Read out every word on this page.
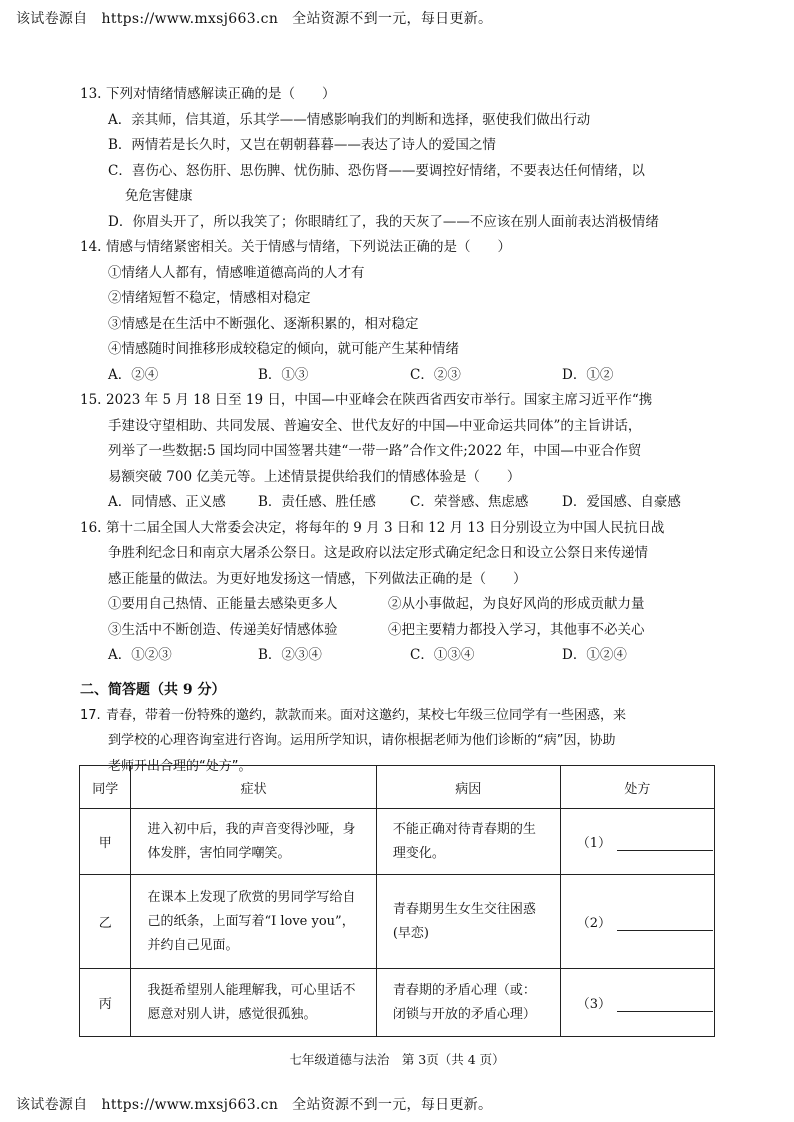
该试卷源自 https://www.mxsj663.cn 全站资源不到一元，每日更新。
13. 下列对情绪情感解读正确的是（　　）
A．亲其师，信其道，乐其学——情感影响我们的判断和选择，驱使我们做出行动
B．两情若是长久时，又岂在朝朝暮暮——表达了诗人的爱国之情
C．喜伤心、怒伤肝、思伤脾、忧伤肺、恐伤肾——要调控好情绪，不要表达任何情绪，以
免危害健康
D．你眉头开了，所以我笑了；你眼睛红了，我的天灰了——不应该在别人面前表达消极情绪
14. 情感与情绪紧密相关。关于情感与情绪，下列说法正确的是（　　）
①情绪人人都有，情感唯道德高尚的人才有
②情绪短暂不稳定，情感相对稳定
③情感是在生活中不断强化、逐渐积累的，相对稳定
④情感随时间推移形成较稳定的倾向，就可能产生某种情绪
A．②④	B．①③	C．②③	D．①②
15. 2023 年 5 月 18 日至 19 日，中国—中亚峰会在陕西省西安市举行。国家主席习近平作“携
手建设守望相助、共同发展、普遍安全、世代友好的中国—中亚命运共同体”的主旨讲话，
列举了一些数据:5 国均同中国签署共建“一带一路”合作文件;2022 年，中国—中亚合作贸
易额突破 700 亿美元等。上述情景提供给我们的情感体验是（　　）
A．同情感、正义感	B．责任感、胜任感	C．荣誉感、焦虑感	D．爱国感、自豪感
16. 第十二届全国人大常委会决定，将每年的 9 月 3 日和 12 月 13 日分别设立为中国人民抗日战
争胜利纪念日和南京大屠杀公祭日。这是政府以法定形式确定纪念日和设立公祭日来传递情
感正能量的做法。为更好地发扬这一情感，下列做法正确的是（　　）
①要用自己热情、正能量去感染更多人	②从小事做起，为良好风尚的形成贡献力量
③生活中不断创造、传递美好情感体验	④把主要精力都投入学习，其他事不必关心
A．①②③	B．②③④	C．①③④	D．①②④
二、简答题（共 9 分）
17. 青春，带着一份特殊的邀约，款款而来。面对这邀约，某校七年级三位同学有一些困惑，来
到学校的心理咨询室进行咨询。运用所学知识，请你根据老师为他们诊断的“病”因，协助
老师开出合理的“处方”。
同学	症状	病因	处方
甲	进入初中后，我的声音变得沙哑，身体发胖，害怕同学嘲笑。	不能正确对待青春期的生理变化。	（1）
乙	在课本上发现了欣赏的男同学写给自己的纸条，上面写着“I love you”，并约自己见面。	青春期男生女生交往困惑(早恋)	（2）
丙	我挺希望别人能理解我，可心里话不愿意对别人讲，感觉很孤独。	青春期的矛盾心理（或：闭锁与开放的矛盾心理）	（3）
七年级道德与法治　第 3页（共 4 页）
该试卷源自 https://www.mxsj663.cn 全站资源不到一元，每日更新。
